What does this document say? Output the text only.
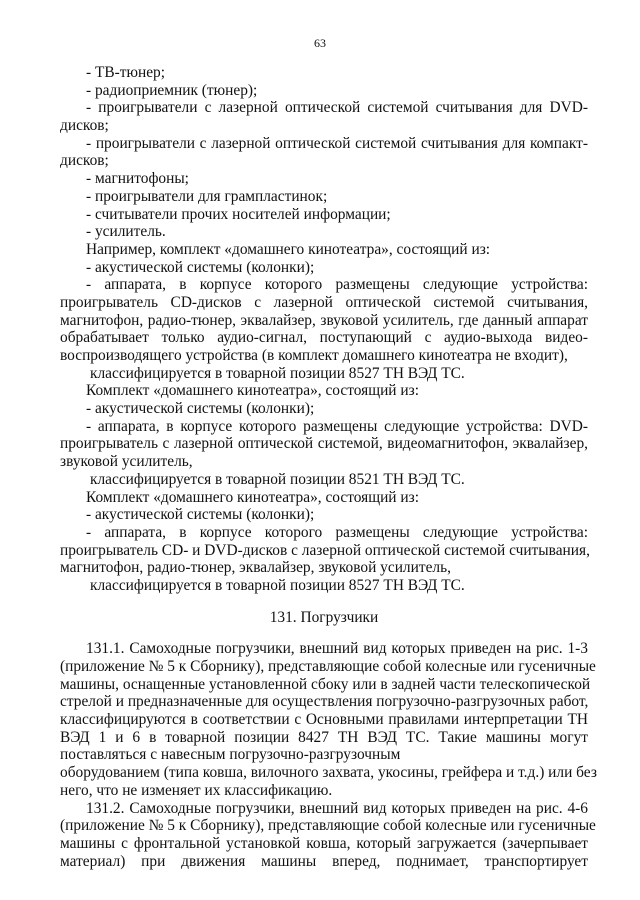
63
- ТВ-тюнер;
- радиоприемник (тюнер);
- проигрыватели с лазерной оптической системой считывания для DVD-
дисков;
- проигрыватели с лазерной оптической системой считывания для компакт-
дисков;
- магнитофоны;
- проигрыватели для грампластинок;
- считыватели прочих носителей информации;
- усилитель.
Например, комплект «домашнего кинотеатра», состоящий из:
- акустической системы (колонки);
- аппарата, в корпусе которого размещены следующие устройства:
проигрыватель CD-дисков с лазерной оптической системой считывания,
магнитофон, радио-тюнер, эквалайзер, звуковой усилитель, где данный аппарат
обрабатывает только аудио-сигнал, поступающий с аудио-выхода видео-
воспроизводящего устройства (в комплект домашнего кинотеатра не входит),
классифицируется в товарной позиции 8527 ТН ВЭД ТС.
Комплект «домашнего кинотеатра», состоящий из:
- акустической системы (колонки);
- аппарата, в корпусе которого размещены следующие устройства: DVD-
проигрыватель с лазерной оптической системой, видеомагнитофон, эквалайзер,
звуковой усилитель,
классифицируется в товарной позиции 8521 ТН ВЭД ТС.
Комплект «домашнего кинотеатра», состоящий из:
- акустической системы (колонки);
- аппарата, в корпусе которого размещены следующие устройства:
проигрыватель CD- и DVD-дисков с лазерной оптической системой считывания,
магнитофон, радио-тюнер, эквалайзер, звуковой усилитель,
классифицируется в товарной позиции 8527 ТН ВЭД ТС.
131. Погрузчики
131.1. Самоходные погрузчики, внешний вид которых приведен на рис. 1-3
(приложение № 5 к Сборнику), представляющие собой колесные или гусеничные
машины, оснащенные установленной сбоку или в задней части телескопической
стрелой и предназначенные для осуществления погрузочно-разгрузочных работ,
классифицируются в соответствии с Основными правилами интерпретации ТН
ВЭД 1 и 6 в товарной позиции 8427 ТН ВЭД ТС. Такие машины могут
поставляться с навесным погрузочно-разгрузочным
оборудованием (типа ковша, вилочного захвата, укосины, грейфера и т.д.) или без
него, что не изменяет их классификацию.
131.2. Самоходные погрузчики, внешний вид которых приведен на рис. 4-6
(приложение № 5 к Сборнику), представляющие собой колесные или гусеничные
машины с фронтальной установкой ковша, который загружается (зачерпывает
материал) при движения машины вперед, поднимает, транспортирует
